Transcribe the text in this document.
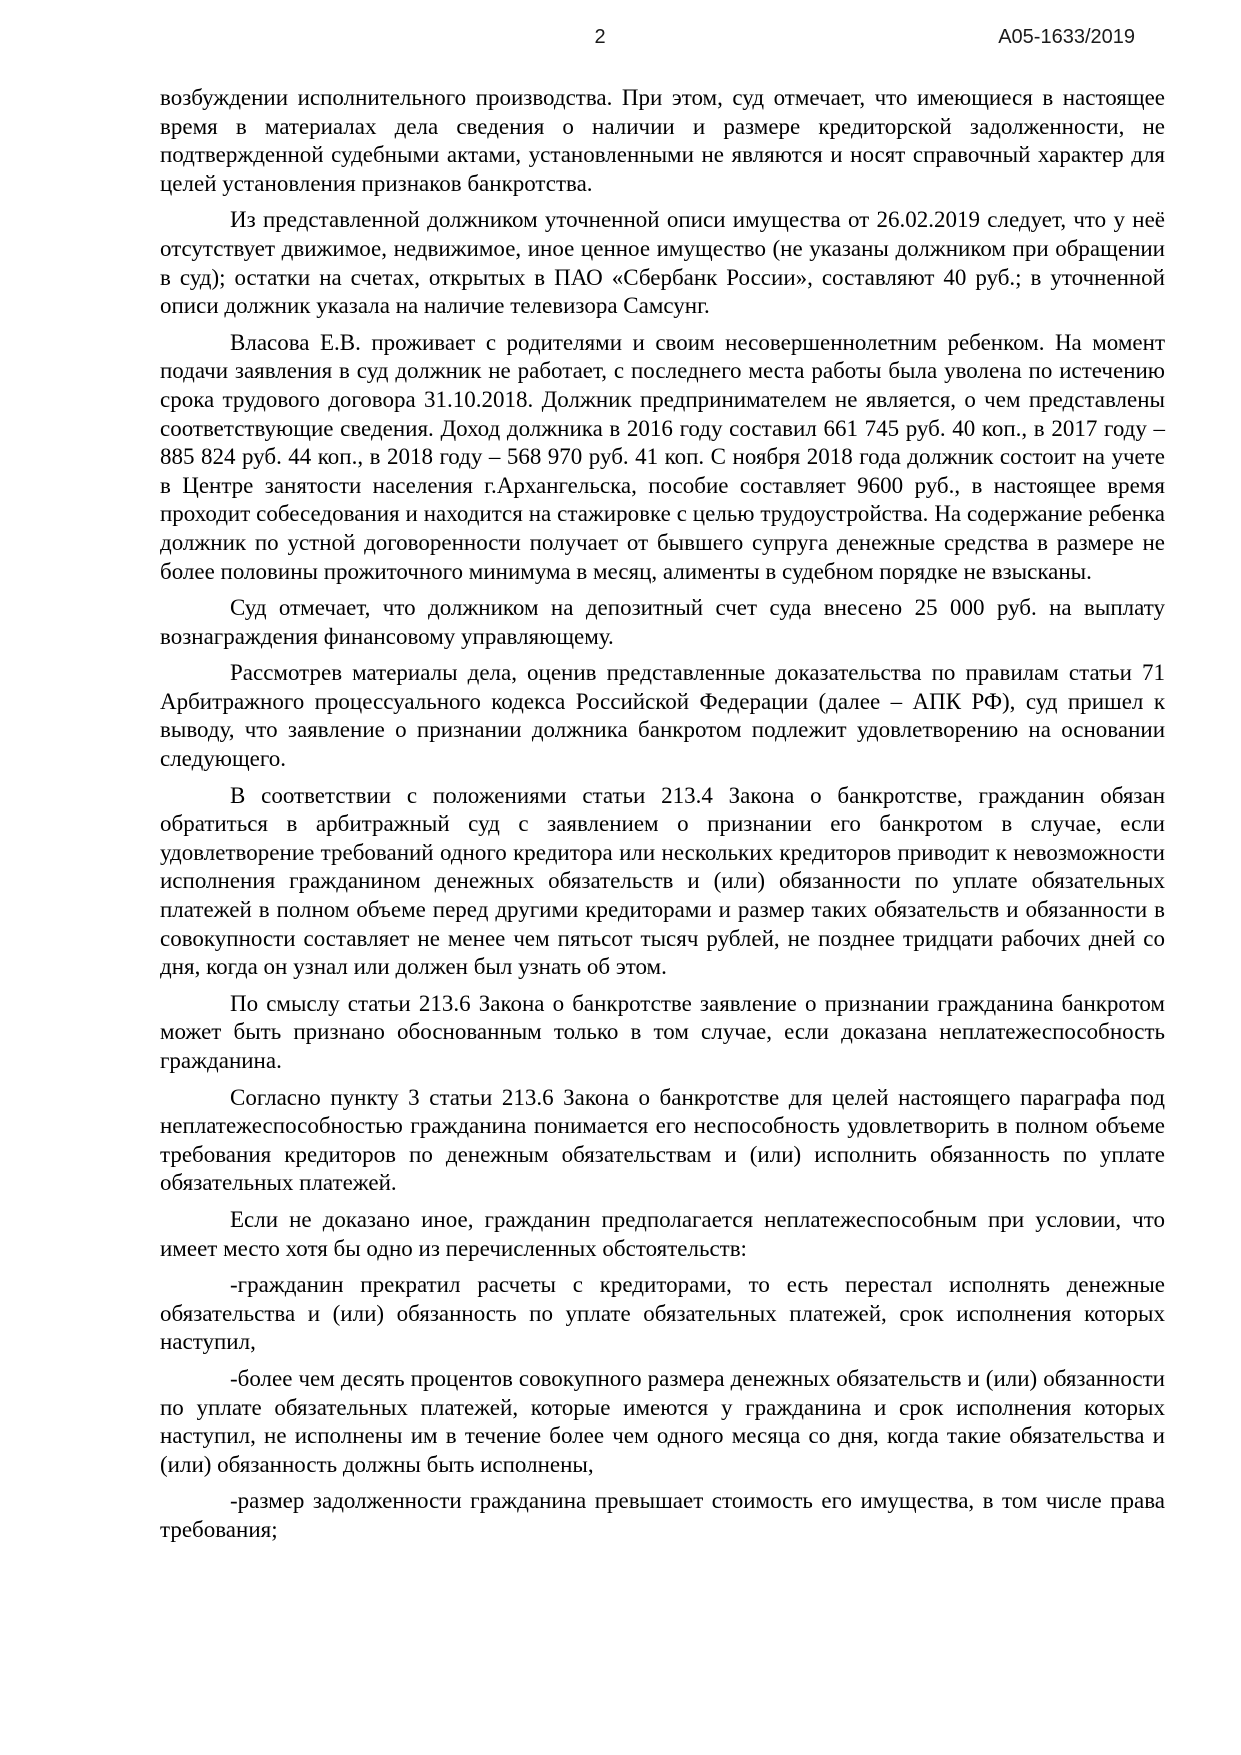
2	А05-1633/2019

возбуждении исполнительного производства. При этом, суд отмечает, что имеющиеся в настоящее время в материалах дела сведения о наличии и размере кредиторской задолженности, не подтвержденной судебными актами, установленными не являются и носят справочный характер для целей установления признаков банкротства.

Из представленной должником уточненной описи имущества от 26.02.2019 следует, что у неё отсутствует движимое, недвижимое, иное ценное имущество (не указаны должником при обращении в суд); остатки на счетах, открытых в ПАО «Сбербанк России», составляют 40 руб.; в уточненной описи должник указала на наличие телевизора Самсунг.

Власова Е.В. проживает с родителями и своим несовершеннолетним ребенком. На момент подачи заявления в суд должник не работает, с последнего места работы была уволена по истечению срока трудового договора 31.10.2018. Должник предпринимателем не является, о чем представлены соответствующие сведения. Доход должника в 2016 году составил 661 745 руб. 40 коп., в 2017 году – 885 824 руб. 44 коп., в 2018 году – 568 970 руб. 41 коп. С ноября 2018 года должник состоит на учете в Центре занятости населения г.Архангельска, пособие составляет 9600 руб., в настоящее время проходит собеседования и находится на стажировке с целью трудоустройства. На содержание ребенка должник по устной договоренности получает от бывшего супруга денежные средства в размере не более половины прожиточного минимума в месяц, алименты в судебном порядке не взысканы.

Суд отмечает, что должником на депозитный счет суда внесено 25 000 руб. на выплату вознаграждения финансовому управляющему.

Рассмотрев материалы дела, оценив представленные доказательства по правилам статьи 71 Арбитражного процессуального кодекса Российской Федерации (далее – АПК РФ), суд пришел к выводу, что заявление о признании должника банкротом подлежит удовлетворению на основании следующего.

В соответствии с положениями статьи 213.4 Закона о банкротстве, гражданин обязан обратиться в арбитражный суд с заявлением о признании его банкротом в случае, если удовлетворение требований одного кредитора или нескольких кредиторов приводит к невозможности исполнения гражданином денежных обязательств и (или) обязанности по уплате обязательных платежей в полном объеме перед другими кредиторами и размер таких обязательств и обязанности в совокупности составляет не менее чем пятьсот тысяч рублей, не позднее тридцати рабочих дней со дня, когда он узнал или должен был узнать об этом.

По смыслу статьи 213.6 Закона о банкротстве заявление о признании гражданина банкротом может быть признано обоснованным только в том случае, если доказана неплатежеспособность гражданина.

Согласно пункту 3 статьи 213.6 Закона о банкротстве для целей настоящего параграфа под неплатежеспособностью гражданина понимается его неспособность удовлетворить в полном объеме требования кредиторов по денежным обязательствам и (или) исполнить обязанность по уплате обязательных платежей.

Если не доказано иное, гражданин предполагается неплатежеспособным при условии, что имеет место хотя бы одно из перечисленных обстоятельств:

-гражданин прекратил расчеты с кредиторами, то есть перестал исполнять денежные обязательства и (или) обязанность по уплате обязательных платежей, срок исполнения которых наступил,

-более чем десять процентов совокупного размера денежных обязательств и (или) обязанности по уплате обязательных платежей, которые имеются у гражданина и срок исполнения которых наступил, не исполнены им в течение более чем одного месяца со дня, когда такие обязательства и (или) обязанность должны быть исполнены,

-размер задолженности гражданина превышает стоимость его имущества, в том числе права требования;
